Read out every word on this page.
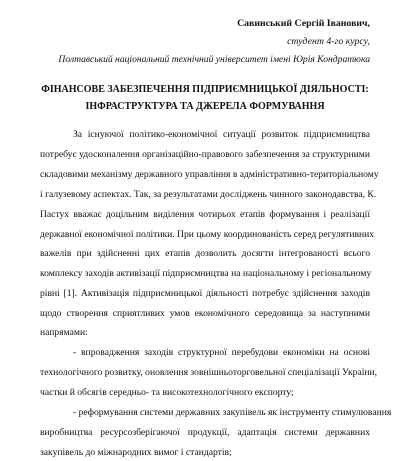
Савинський Сергій Іванович,
студент 4-го курсу,
Полтавський національний технічний університет імені Юрія Кондратюка
ФІНАНСОВЕ ЗАБЕЗПЕЧЕННЯ ПІДПРИЄМНИЦЬКОЇ ДІЯЛЬНОСТІ:
ІНФРАСТРУКТУРА ТА ДЖЕРЕЛА ФОРМУВАННЯ
За існуючої політико-економічної ситуації розвиток підприємництва
потребує удосконалення організаційно-правового забезпечення за структурними
складовими механізму державного управління в адміністративно-територіальному
і галузевому аспектах. Так, за результатами досліджень чинного законодавства, К.
Пастух вважає доцільним виділення чотирьох етапів формування і реалізації
державної економічної політики. При цьому координованість серед регулятивних
важелів при здійсненні цих етапів дозволить досягти інтегрованості всього
комплексу заходів активізації підприємництва на національному і регіональному
рівні [1]. Активізація підприємницької діяльності потребує здійснення заходів
щодо створення сприятливих умов економічного середовища за наступними
напрямами:
- впровадження заходів структурної перебудови економіки на основі
технологічного розвитку, оновлення зовнішньоторговельної спеціалізації України,
частки й обсягів середньо- та високотехнологічного експорту;
- реформування системи державних закупівель як інструменту стимулювання
виробництва ресурсозберігаючої продукції, адаптація системи державних
закупівель до міжнародних вимог і стандартів;
